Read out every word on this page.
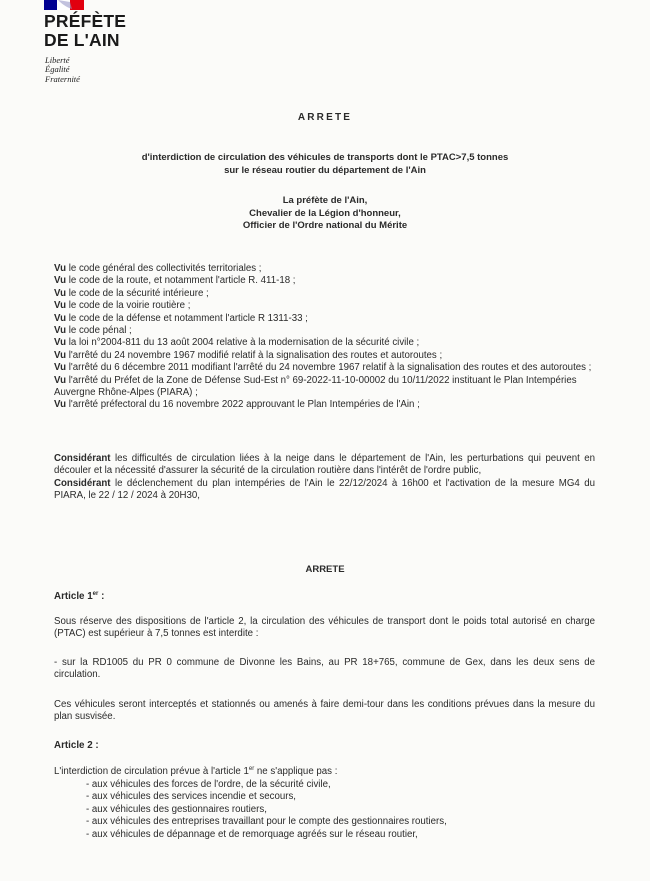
PRÉFÈTE
DE L'AIN
Liberté
Égalité
Fraternité
ARRETE
d'interdiction de circulation des véhicules de transports dont le PTAC>7,5 tonnes
sur le réseau routier du département de l'Ain
La préfète de l'Ain,
Chevalier de la Légion d'honneur,
Officier de l'Ordre national du Mérite
Vu le code général des collectivités territoriales ;
Vu le code de la route, et notamment l'article R. 411-18 ;
Vu le code de la sécurité intérieure ;
Vu le code de la voirie routière ;
Vu le code de la défense et notamment l'article R 1311-33 ;
Vu le code pénal ;
Vu la loi n°2004-811 du 13 août 2004 relative à la modernisation de la sécurité civile ;
Vu l'arrêté du 24 novembre 1967 modifié relatif à la signalisation des routes et autoroutes ;
Vu l'arrêté du 6 décembre 2011 modifiant l'arrêté du 24 novembre 1967 relatif à la signalisation des routes et des autoroutes ;
Vu l'arrêté du Préfet de la Zone de Défense Sud-Est n° 69-2022-11-10-00002 du 10/11/2022 instituant le Plan Intempéries Auvergne Rhône-Alpes (PIARA) ;
Vu l'arrêté préfectoral du 16 novembre 2022 approuvant le Plan Intempéries de l'Ain ;

Considérant les difficultés de circulation liées à la neige dans le département de l'Ain, les perturbations qui peuvent en découler et la nécessité d'assurer la sécurité de la circulation routière dans l'intérêt de l'ordre public,

Considérant le déclenchement du plan intempéries de l'Ain le 22/12/2024 à 16h00 et l'activation de la mesure MG4 du PIARA, le 22 / 12 / 2024 à 20H30,

ARRETE
Article 1er :

Sous réserve des dispositions de l'article 2, la circulation des véhicules de transport dont le poids total autorisé en charge (PTAC) est supérieur à 7,5 tonnes est interdite :

- sur la RD1005 du PR 0 commune de Divonne les Bains, au PR 18+765, commune de Gex, dans les deux sens de circulation.

Ces véhicules seront interceptés et stationnés ou amenés à faire demi-tour dans les conditions prévues dans la mesure du plan susvisée.

Article 2 :

L'interdiction de circulation prévue à l'article 1er ne s'applique pas :

- aux véhicules des forces de l'ordre, de la sécurité civile,
- aux véhicules des services incendie et secours,
- aux véhicules des gestionnaires routiers,
- aux véhicules des entreprises travaillant pour le compte des gestionnaires routiers,
- aux véhicules de dépannage et de remorquage agréés sur le réseau routier,
